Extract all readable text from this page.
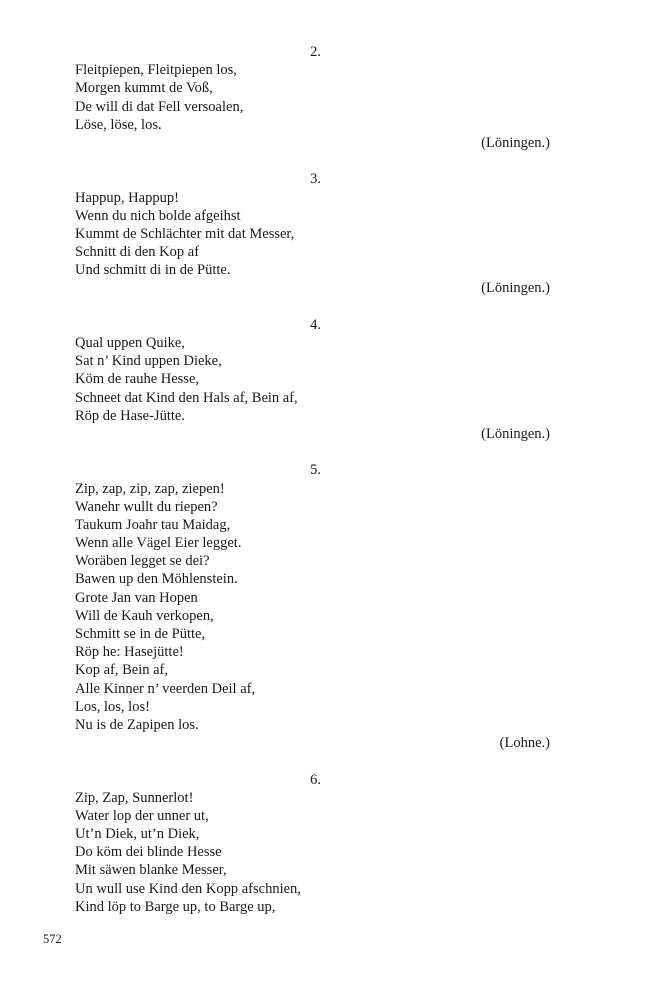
2.
Fleitpiepen, Fleitpiepen los,
Morgen kummt de Voß,
De will di dat Fell versoalen,
Löse, löse, los.
(Löningen.)
3.
Happup, Happup!
Wenn du nich bolde afgeihst
Kummt de Schlächter mit dat Messer,
Schnitt di den Kop af
Und schmitt di in de Pütte.
(Löningen.)
4.
Qual uppen Quike,
Sat n’ Kind uppen Dieke,
Köm de rauhe Hesse,
Schneet dat Kind den Hals af, Bein af,
Röp de Hase-Jütte.
(Löningen.)
5.
Zip, zap, zip, zap, ziepen!
Wanehr wullt du riepen?
Taukum Joahr tau Maidag,
Wenn alle Vägel Eier legget.
Woräben legget se dei?
Bawen up den Möhlenstein.
Grote Jan van Hopen
Will de Kauh verkopen,
Schmitt se in de Pütte,
Röp he: Hasejütte!
Kop af, Bein af,
Alle Kinner n’ veerden Deil af,
Los, los, los!
Nu is de Zapipen los.
(Lohne.)
6.
Zip, Zap, Sunnerlot!
Water lop der unner ut,
Ut’n Diek, ut’n Diek,
Do köm dei blinde Hesse
Mit säwen blanke Messer,
Un wull use Kind den Kopp afschnien,
Kind löp to Barge up, to Barge up,
572
